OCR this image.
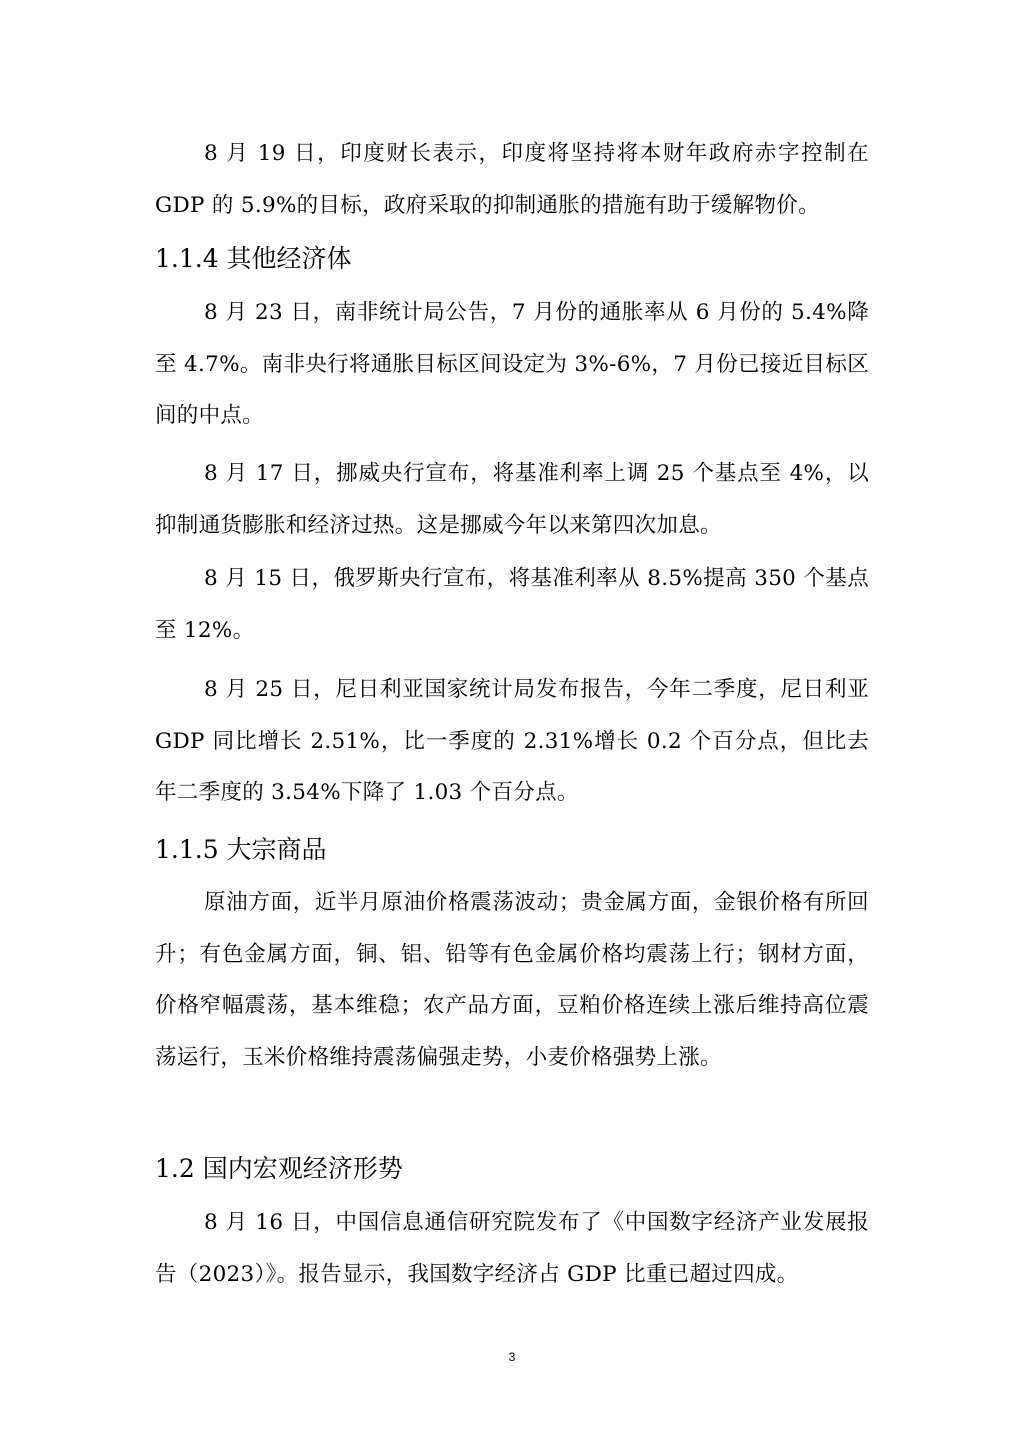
8 月 19 日，印度财长表示，印度将坚持将本财年政府赤字控制在 GDP 的 5.9%的目标，政府采取的抑制通胀的措施有助于缓解物价。

1.1.4 其他经济体

8 月 23 日，南非统计局公告，7 月份的通胀率从 6 月份的 5.4%降至 4.7%。南非央行将通胀目标区间设定为 3%-6%，7 月份已接近目标区间的中点。

8 月 17 日，挪威央行宣布，将基准利率上调 25 个基点至 4%，以抑制通货膨胀和经济过热。这是挪威今年以来第四次加息。

8 月 15 日，俄罗斯央行宣布，将基准利率从 8.5%提高 350 个基点至 12%。

8 月 25 日，尼日利亚国家统计局发布报告，今年二季度，尼日利亚 GDP 同比增长 2.51%，比一季度的 2.31%增长 0.2 个百分点，但比去年二季度的 3.54%下降了 1.03 个百分点。

1.1.5 大宗商品

原油方面，近半月原油价格震荡波动；贵金属方面，金银价格有所回升；有色金属方面，铜、铝、铅等有色金属价格均震荡上行；钢材方面，价格窄幅震荡，基本维稳；农产品方面，豆粕价格连续上涨后维持高位震荡运行，玉米价格维持震荡偏强走势，小麦价格强势上涨。

1.2 国内宏观经济形势

8 月 16 日，中国信息通信研究院发布了《中国数字经济产业发展报告（2023）》。报告显示，我国数字经济占 GDP 比重已超过四成。

3
